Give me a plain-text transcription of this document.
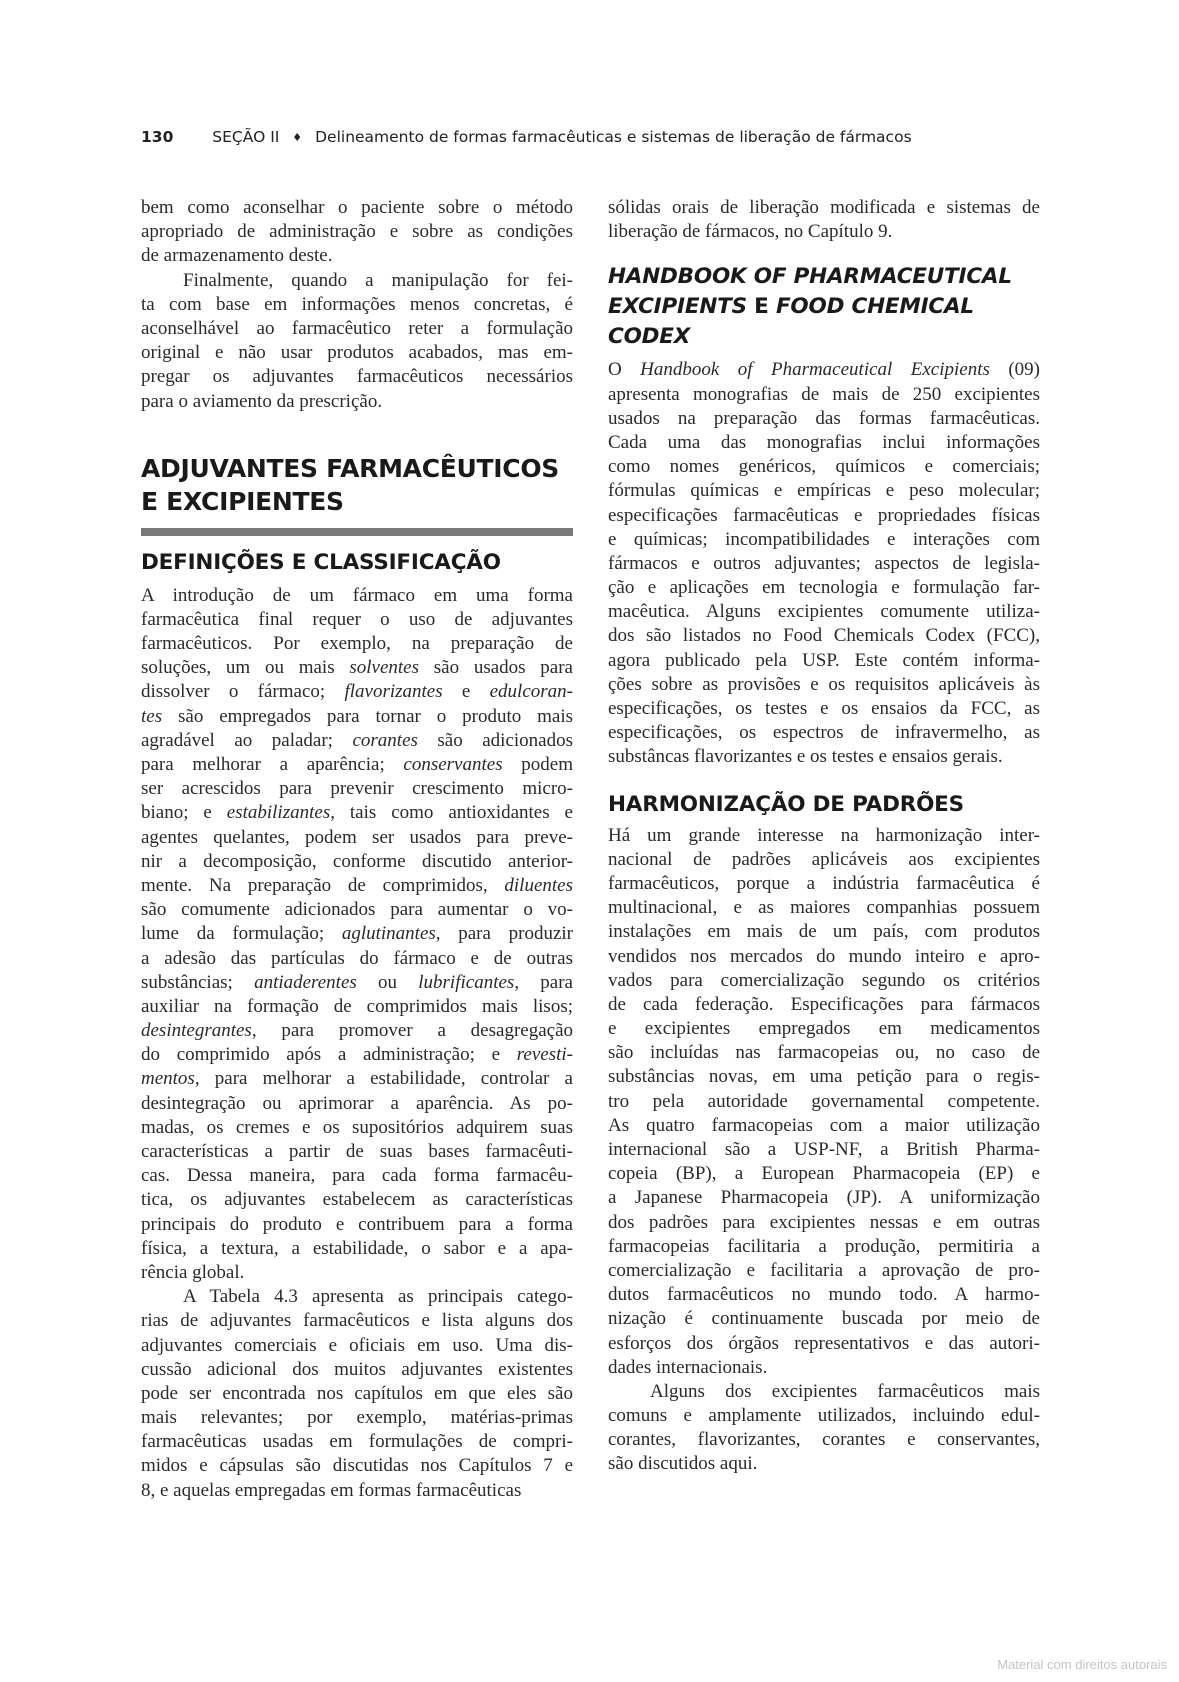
130	SEÇÃO II ♦ Delineamento de formas farmacêuticas e sistemas de liberação de fármacos
bem como aconselhar o paciente sobre o método
apropriado de administração e sobre as condições
de armazenamento deste.
Finalmente, quando a manipulação for fei-
ta com base em informações menos concretas, é
aconselhável ao farmacêutico reter a formulação
original e não usar produtos acabados, mas em-
pregar os adjuvantes farmacêuticos necessários
para o aviamento da prescrição.
ADJUVANTES FARMACÊUTICOS
E EXCIPIENTES
DEFINIÇÕES E CLASSIFICAÇÃO
A introdução de um fármaco em uma forma
farmacêutica final requer o uso de adjuvantes
farmacêuticos. Por exemplo, na preparação de
soluções, um ou mais solventes são usados para
dissolver o fármaco; flavorizantes e edulcoran-
tes são empregados para tornar o produto mais
agradável ao paladar; corantes são adicionados
para melhorar a aparência; conservantes podem
ser acrescidos para prevenir crescimento micro-
biano; e estabilizantes, tais como antioxidantes e
agentes quelantes, podem ser usados para preve-
nir a decomposição, conforme discutido anterior-
mente. Na preparação de comprimidos, diluentes
são comumente adicionados para aumentar o vo-
lume da formulação; aglutinantes, para produzir
a adesão das partículas do fármaco e de outras
substâncias; antiaderentes ou lubrificantes, para
auxiliar na formação de comprimidos mais lisos;
desintegrantes, para promover a desagregação
do comprimido após a administração; e revesti-
mentos, para melhorar a estabilidade, controlar a
desintegração ou aprimorar a aparência. As po-
madas, os cremes e os supositórios adquirem suas
características a partir de suas bases farmacêuti-
cas. Dessa maneira, para cada forma farmacêu-
tica, os adjuvantes estabelecem as características
principais do produto e contribuem para a forma
física, a textura, a estabilidade, o sabor e a apa-
rência global.
A Tabela 4.3 apresenta as principais catego-
rias de adjuvantes farmacêuticos e lista alguns dos
adjuvantes comerciais e oficiais em uso. Uma dis-
cussão adicional dos muitos adjuvantes existentes
pode ser encontrada nos capítulos em que eles são
mais relevantes; por exemplo, matérias-primas
farmacêuticas usadas em formulações de compri-
midos e cápsulas são discutidas nos Capítulos 7 e
8, e aquelas empregadas em formas farmacêuticas
sólidas orais de liberação modificada e sistemas de
liberação de fármacos, no Capítulo 9.
HANDBOOK OF PHARMACEUTICAL
EXCIPIENTS E FOOD CHEMICAL
CODEX
O Handbook of Pharmaceutical Excipients (09)
apresenta monografias de mais de 250 excipientes
usados na preparação das formas farmacêuticas.
Cada uma das monografias inclui informações
como nomes genéricos, químicos e comerciais;
fórmulas químicas e empíricas e peso molecular;
especificações farmacêuticas e propriedades físicas
e químicas; incompatibilidades e interações com
fármacos e outros adjuvantes; aspectos de legisla-
ção e aplicações em tecnologia e formulação far-
macêutica. Alguns excipientes comumente utiliza-
dos são listados no Food Chemicals Codex (FCC),
agora publicado pela USP. Este contém informa-
ções sobre as provisões e os requisitos aplicáveis às
especificações, os testes e os ensaios da FCC, as
especificações, os espectros de infravermelho, as
substâncas flavorizantes e os testes e ensaios gerais.
HARMONIZAÇÃO DE PADRÕES
Há um grande interesse na harmonização inter-
nacional de padrões aplicáveis aos excipientes
farmacêuticos, porque a indústria farmacêutica é
multinacional, e as maiores companhias possuem
instalações em mais de um país, com produtos
vendidos nos mercados do mundo inteiro e apro-
vados para comercialização segundo os critérios
de cada federação. Especificações para fármacos
e excipientes empregados em medicamentos
são incluídas nas farmacopeias ou, no caso de
substâncias novas, em uma petição para o regis-
tro pela autoridade governamental competente.
As quatro farmacopeias com a maior utilização
internacional são a USP-NF, a British Pharma-
copeia (BP), a European Pharmacopeia (EP) e
a Japanese Pharmacopeia (JP). A uniformização
dos padrões para excipientes nessas e em outras
farmacopeias facilitaria a produção, permitiria a
comercialização e facilitaria a aprovação de pro-
dutos farmacêuticos no mundo todo. A harmo-
nização é continuamente buscada por meio de
esforços dos órgãos representativos e das autori-
dades internacionais.
Alguns dos excipientes farmacêuticos mais
comuns e amplamente utilizados, incluindo edul-
corantes, flavorizantes, corantes e conservantes,
são discutidos aqui.
Material com direitos autorais
